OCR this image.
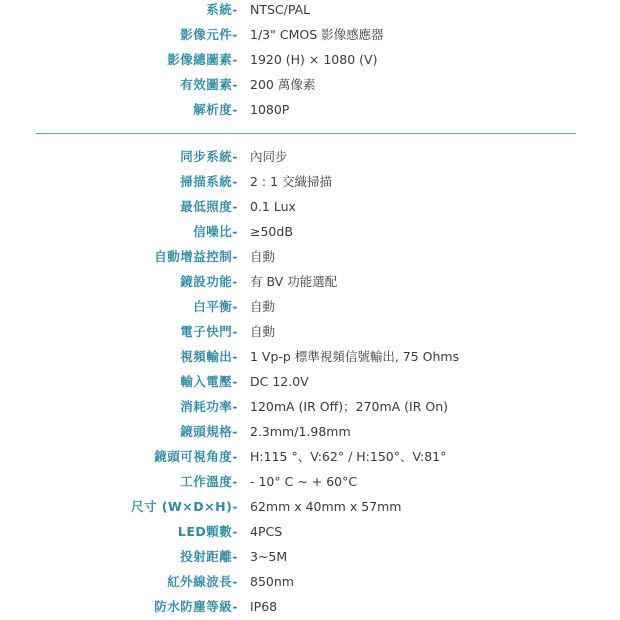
系統- NTSC/PAL
影像元件- 1/3" CMOS 影像感應器
影像總圖素- 1920 (H) × 1080 (V)
有效圖素- 200 萬像素
解析度- 1080P
同步系統- 內同步
掃描系統- 2 : 1 交織掃描
最低照度- 0.1 Lux
信噪比- ≥50dB
自動增益控制- 自動
鏡設功能- 有 BV 功能選配
白平衡- 自動
電子快門- 自動
視頻輸出- 1 Vp-p 標準視頻信號輸出, 75 Ohms
輸入電壓- DC 12.0V
消耗功率- 120mA (IR Off)；270mA (IR On)
鏡頭規格- 2.3mm/1.98mm
鏡頭可視角度- H:115 °、V:62° / H:150°、V:81°
工作溫度- - 10° C ~ + 60°C
尺寸 (W×D×H)- 62mm x 40mm x 57mm
LED顆數- 4PCS
投射距離- 3~5M
紅外線波長- 850nm
防水防塵等級- IP68
